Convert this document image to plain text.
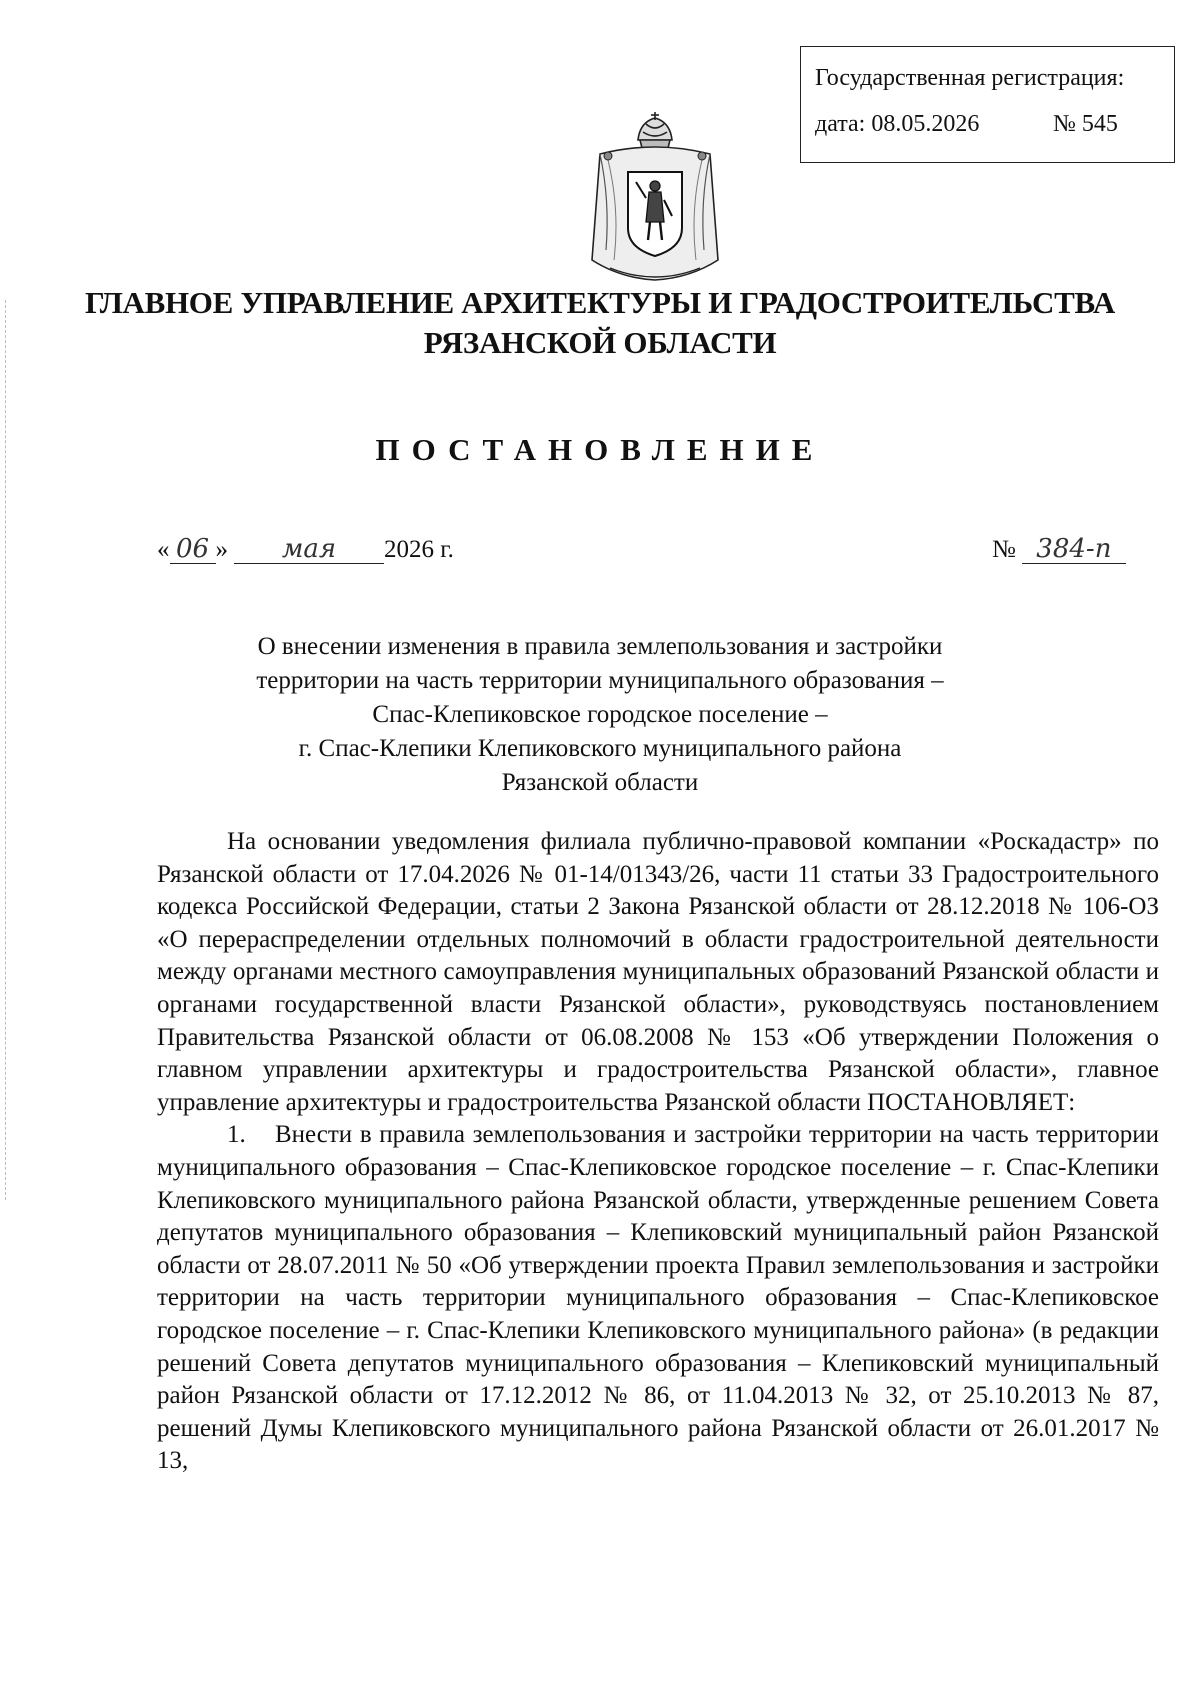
Государственная регистрация:
дата: 08.05.2026	№ 545
ГЛАВНОЕ УПРАВЛЕНИЕ АРХИТЕКТУРЫ И ГРАДОСТРОИТЕЛЬСТВА
РЯЗАНСКОЙ ОБЛАСТИ
ПОСТАНОВЛЕНИЕ
« 06 » мая 2026 г.	№ 384-п
О внесении изменения в правила землепользования и застройки
территории на часть территории муниципального образования –
Спас-Клепиковское городское поселение –
г. Спас-Клепики Клепиковского муниципального района
Рязанской области

На основании уведомления филиала публично-правовой компании «Роскадастр» по Рязанской области от 17.04.2026 № 01-14/01343/26, части 11 статьи 33 Градостроительного кодекса Российской Федерации, статьи 2 Закона Рязанской области от 28.12.2018 № 106-ОЗ «О перераспределении отдельных полномочий в области градостроительной деятельности между органами местного самоуправления муниципальных образований Рязанской области и органами государственной власти Рязанской области», руководствуясь постановлением Правительства Рязанской области от 06.08.2008 № 153 «Об утверждении Положения о главном управлении архитектуры и градостроительства Рязанской области», главное управление архитектуры и градостроительства Рязанской области ПОСТАНОВЛЯЕТ:

1. Внести в правила землепользования и застройки территории на часть территории муниципального образования – Спас-Клепиковское городское поселение – г. Спас-Клепики Клепиковского муниципального района Рязанской области, утвержденные решением Совета депутатов муниципального образования – Клепиковский муниципальный район Рязанской области от 28.07.2011 № 50 «Об утверждении проекта Правил землепользования и застройки территории на часть территории муниципального образования – Спас-Клепиковское городское поселение – г. Спас-Клепики Клепиковского муниципального района» (в редакции решений Совета депутатов муниципального образования – Клепиковский муниципальный район Рязанской области от 17.12.2012 № 86, от 11.04.2013 № 32, от 25.10.2013 № 87, решений Думы Клепиковского муниципального района Рязанской области от 26.01.2017 № 13,
